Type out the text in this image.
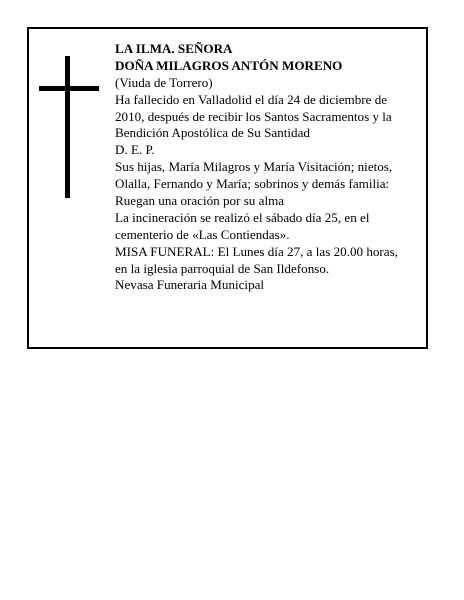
LA ILMA. SEÑORA
DOÑA MILAGROS ANTÓN MORENO
(Viuda de Torrero)
Ha fallecido en Valladolid el día 24 de diciembre de
2010, después de recibir los Santos Sacramentos y la
Bendición Apostólica de Su Santidad
D. E. P.
Sus hijas, María Milagros y María Visitación; nietos,
Olalla, Fernando y María; sobrinos y demás familia:
Ruegan una oración por su alma
La incineración se realizó el sábado día 25, en el
cementerio de «Las Contiendas».
MISA FUNERAL: El Lunes día 27, a las 20.00 horas,
en la iglesia parroquial de San Ildefonso.
Nevasa Funeraria Municipal
